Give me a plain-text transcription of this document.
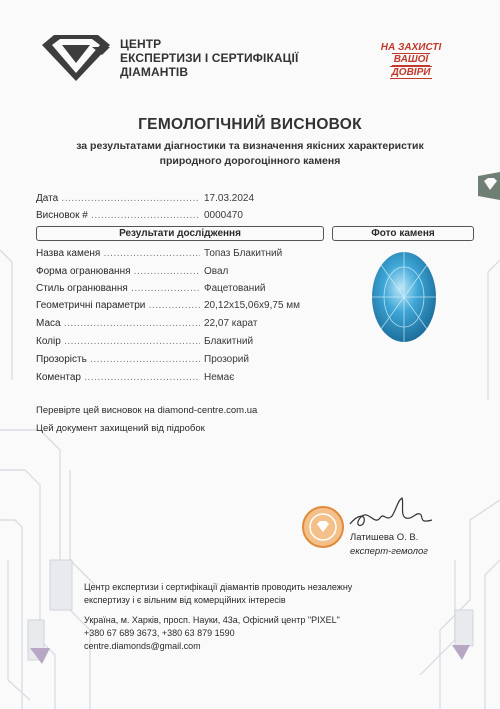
ЦЕНТР
ЕКСПЕРТИЗИ І СЕРТИФІКАЦІЇ
ДІАМАНТІВ
НА ЗАХИСТІ
ВАШОЇ
ДОВІРИ
ГЕМОЛОГІЧНИЙ ВИСНОВОК
за результатами діагностики та визначення якісних характеристик
природного дорогоцінного каменя
Дата .....	17.03.2024
Висновок # .....	0000470
Результати дослідження	Фото каменя
Назва каменя .....	Топаз Блакитний
Форма огранювання .....	Овал
Стиль огранювання .....	Фацетований
Геометричні параметри .....	20,12x15,06x9,75 мм
Маса .....	22,07 карат
Колір .....	Блакитний
Прозорість .....	Прозорий
Коментар .....	Немає
Перевірте цей висновок на diamond-centre.com.ua
Цей документ захищений від підробок
Латишева О. В.
експерт-гемолог
Центр експертизи і сертифікації діамантів проводить незалежну
експертизу і є вільним від комерційних інтересів
Україна, м. Харків, просп. Науки, 43а, Офісний центр "PIXEL"
+380 67 689 3673, +380 63 879 1590
centre.diamonds@gmail.com
